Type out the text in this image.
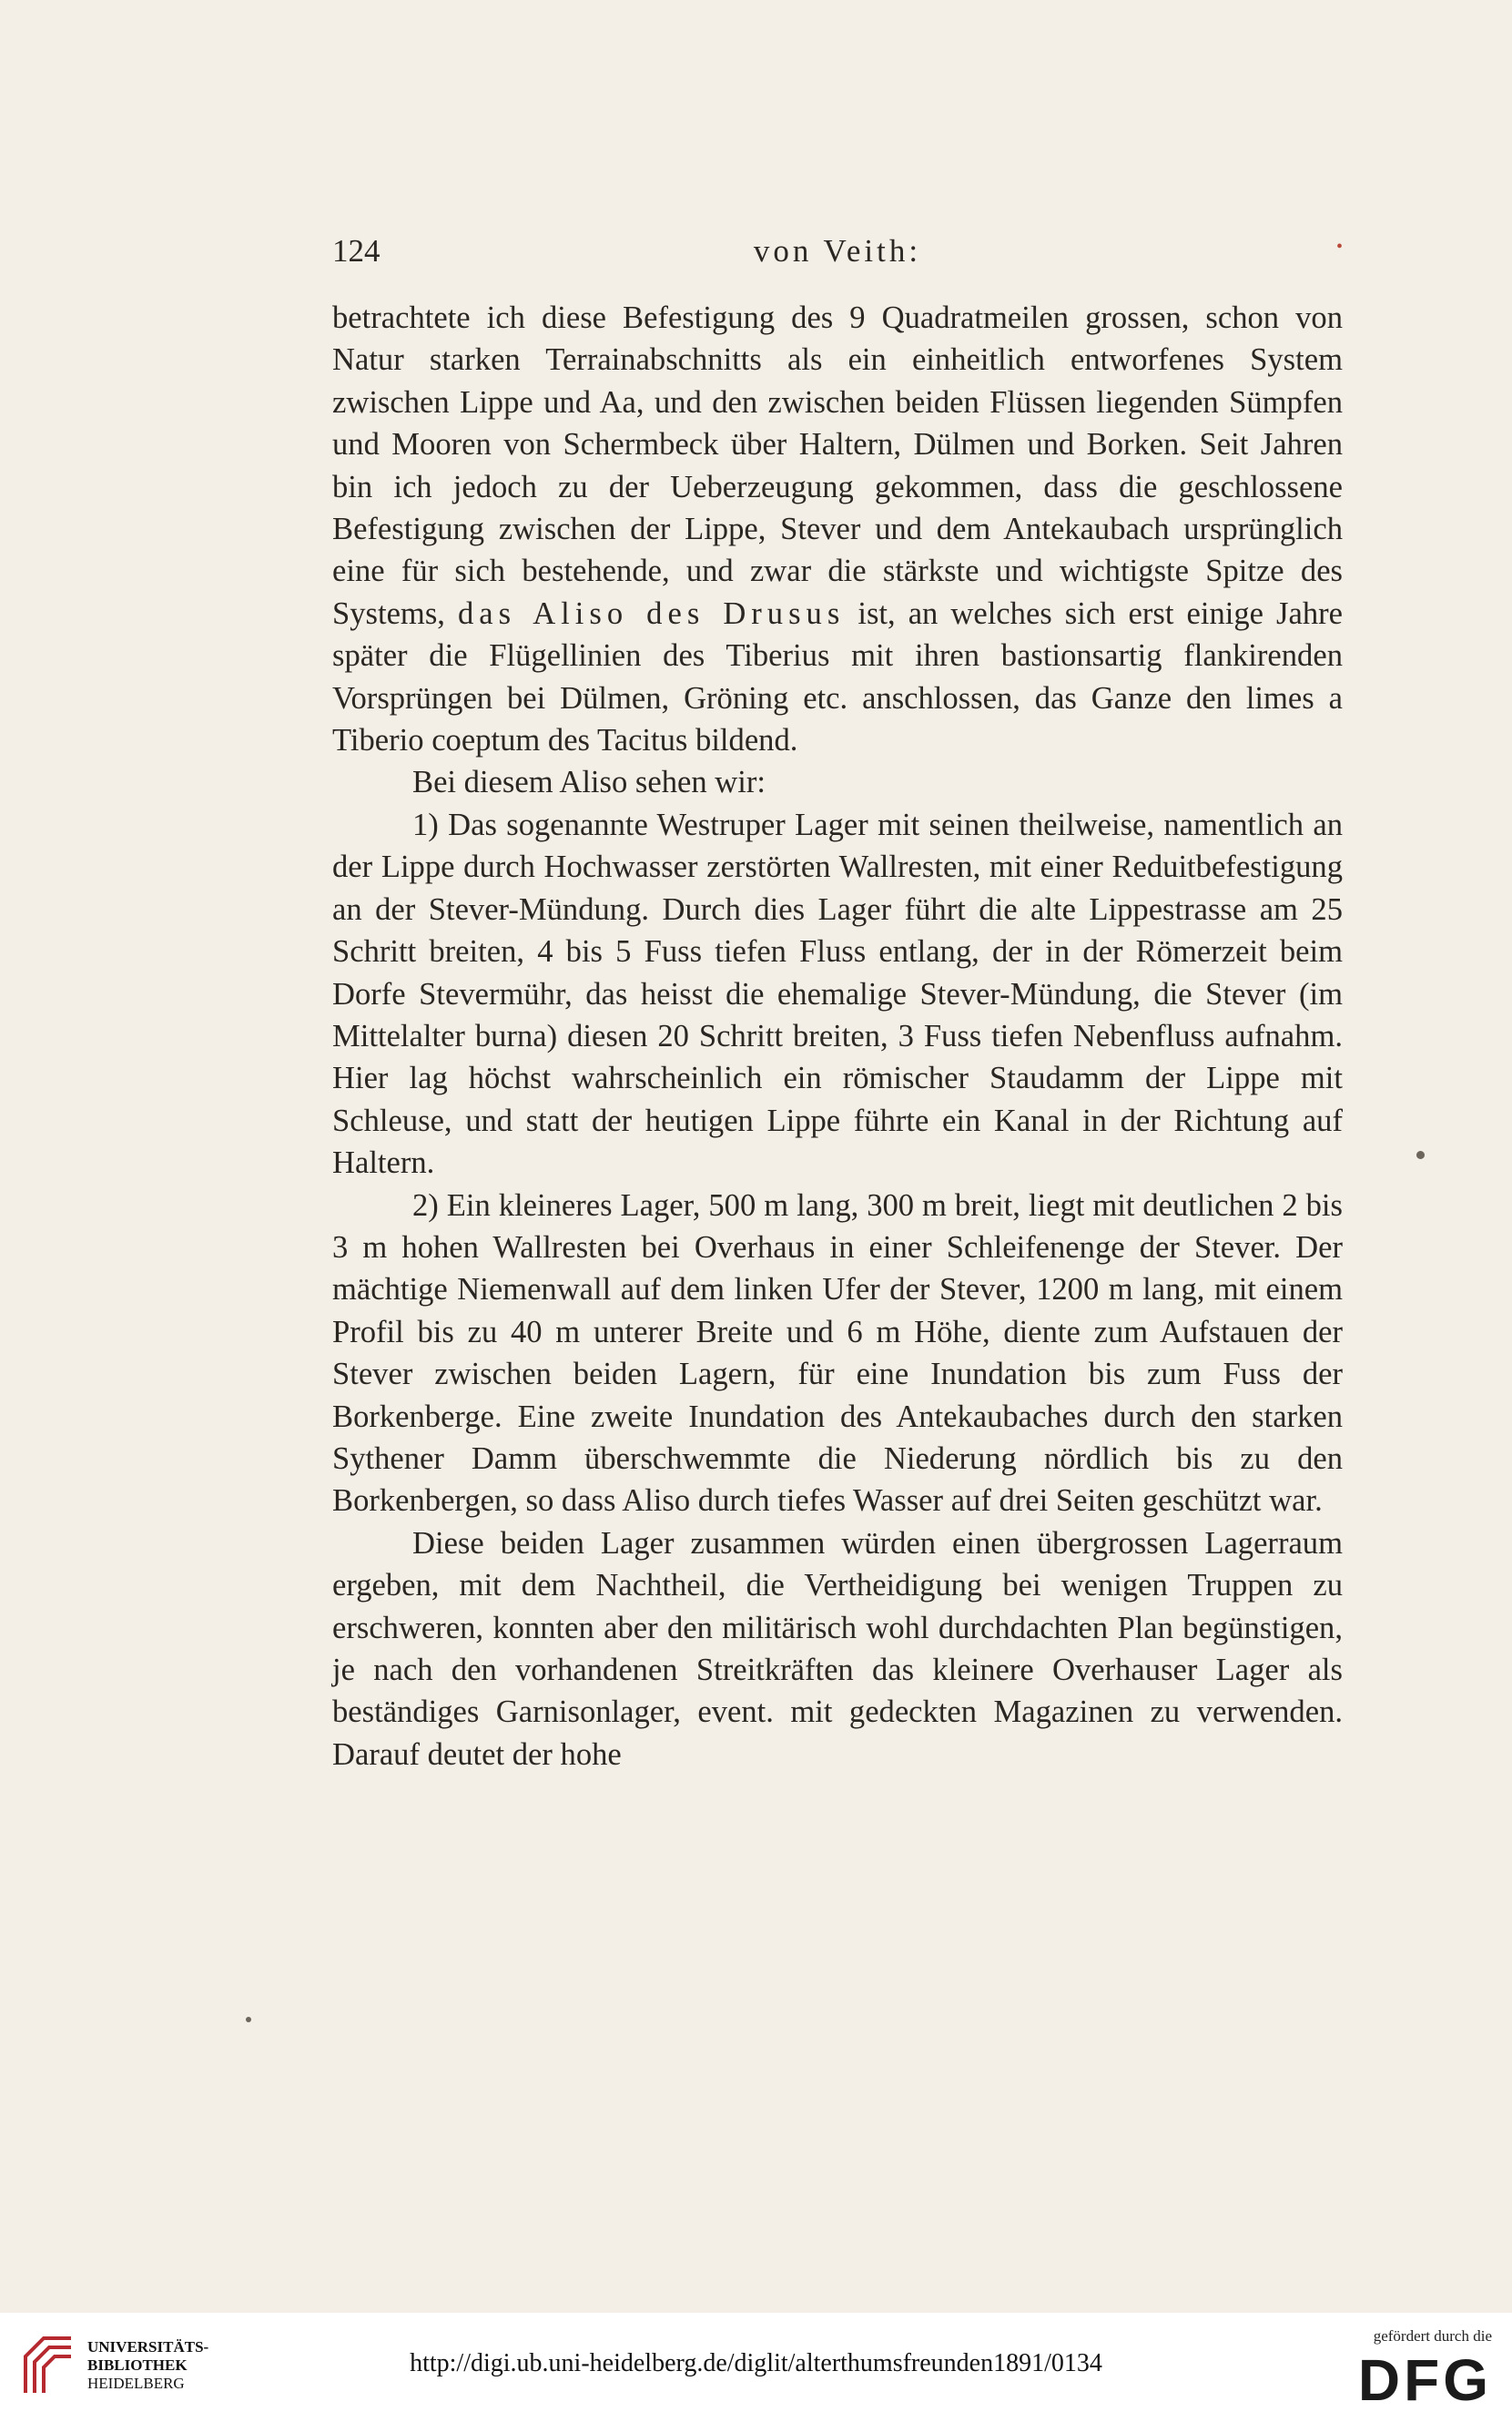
124	von Veith:	•

betrachtete ich diese Befestigung des 9 Quadratmeilen grossen, schon von Natur starken Terrainabschnitts als ein einheitlich entworfenes System zwischen Lippe und Aa, und den zwischen beiden Flüssen liegenden Sümpfen und Mooren von Schermbeck über Haltern, Dülmen und Borken. Seit Jahren bin ich jedoch zu der Ueberzeugung gekommen, dass die geschlossene Befestigung zwischen der Lippe, Stever und dem Antekaubach ursprünglich eine für sich bestehende, und zwar die stärkste und wichtigste Spitze des Systems, das Aliso des Drusus ist, an welches sich erst einige Jahre später die Flügellinien des Tiberius mit ihren bastionsartig flankirenden Vorsprüngen bei Dülmen, Gröning etc. anschlossen, das Ganze den limes a Tiberio coeptum des Tacitus bildend.

Bei diesem Aliso sehen wir:

1) Das sogenannte Westruper Lager mit seinen theilweise, namentlich an der Lippe durch Hochwasser zerstörten Wallresten, mit einer Reduitbefestigung an der Stever-Mündung. Durch dies Lager führt die alte Lippestrasse am 25 Schritt breiten, 4 bis 5 Fuss tiefen Fluss entlang, der in der Römerzeit beim Dorfe Stevermühr, das heisst die ehemalige Stever-Mündung, die Stever (im Mittelalter burna) diesen 20 Schritt breiten, 3 Fuss tiefen Nebenfluss aufnahm. Hier lag höchst wahrscheinlich ein römischer Staudamm der Lippe mit Schleuse, und statt der heutigen Lippe führte ein Kanal in der Richtung auf Haltern.

2) Ein kleineres Lager, 500 m lang, 300 m breit, liegt mit deutlichen 2 bis 3 m hohen Wallresten bei Overhaus in einer Schleifenenge der Stever. Der mächtige Niemenwall auf dem linken Ufer der Stever, 1200 m lang, mit einem Profil bis zu 40 m unterer Breite und 6 m Höhe, diente zum Aufstauen der Stever zwischen beiden Lagern, für eine Inundation bis zum Fuss der Borkenberge. Eine zweite Inundation des Antekaubaches durch den starken Sythener Damm überschwemmte die Niederung nördlich bis zu den Borkenbergen, so dass Aliso durch tiefes Wasser auf drei Seiten geschützt war.

Diese beiden Lager zusammen würden einen übergrossen Lagerraum ergeben, mit dem Nachtheil, die Vertheidigung bei wenigen Truppen zu erschweren, konnten aber den militärisch wohl durchdachten Plan begünstigen, je nach den vorhandenen Streitkräften das kleinere Overhauser Lager als beständiges Garnisonlager, event. mit gedeckten Magazinen zu verwenden. Darauf deutet der hohe

UNIVERSITÄTS-
BIBLIOTHEK
HEIDELBERG
http://digi.ub.uni-heidelberg.de/diglit/alterthumsfreunden1891/0134
gefördert durch die
DFG
